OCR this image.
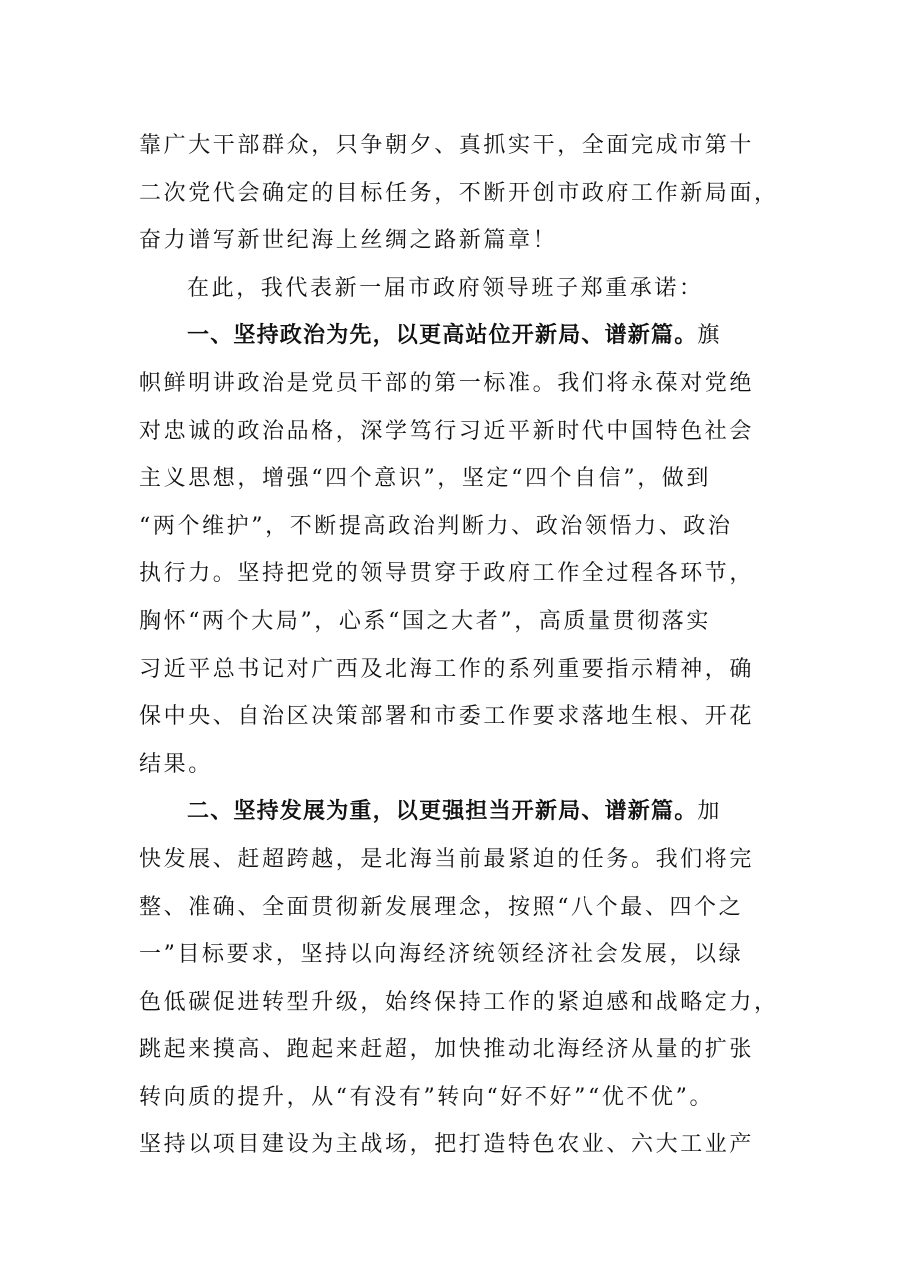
靠广大干部群众，只争朝夕、真抓实干，全面完成市第十
二次党代会确定的目标任务，不断开创市政府工作新局面，
奋力谱写新世纪海上丝绸之路新篇章！
在此，我代表新一届市政府领导班子郑重承诺：
一、坚持政治为先，以更高站位开新局、谱新篇。旗
帜鲜明讲政治是党员干部的第一标准。我们将永葆对党绝
对忠诚的政治品格，深学笃行习近平新时代中国特色社会
主义思想，增强“四个意识”，坚定“四个自信”，做到
“两个维护”，不断提高政治判断力、政治领悟力、政治
执行力。坚持把党的领导贯穿于政府工作全过程各环节，
胸怀“两个大局”，心系“国之大者”，高质量贯彻落实
习近平总书记对广西及北海工作的系列重要指示精神，确
保中央、自治区决策部署和市委工作要求落地生根、开花
结果。
二、坚持发展为重，以更强担当开新局、谱新篇。加
快发展、赶超跨越，是北海当前最紧迫的任务。我们将完
整、准确、全面贯彻新发展理念，按照“八个最、四个之
一”目标要求，坚持以向海经济统领经济社会发展，以绿
色低碳促进转型升级，始终保持工作的紧迫感和战略定力，
跳起来摸高、跑起来赶超，加快推动北海经济从量的扩张
转向质的提升，从“有没有”转向“好不好”“优不优”。
坚持以项目建设为主战场，把打造特色农业、六大工业产
